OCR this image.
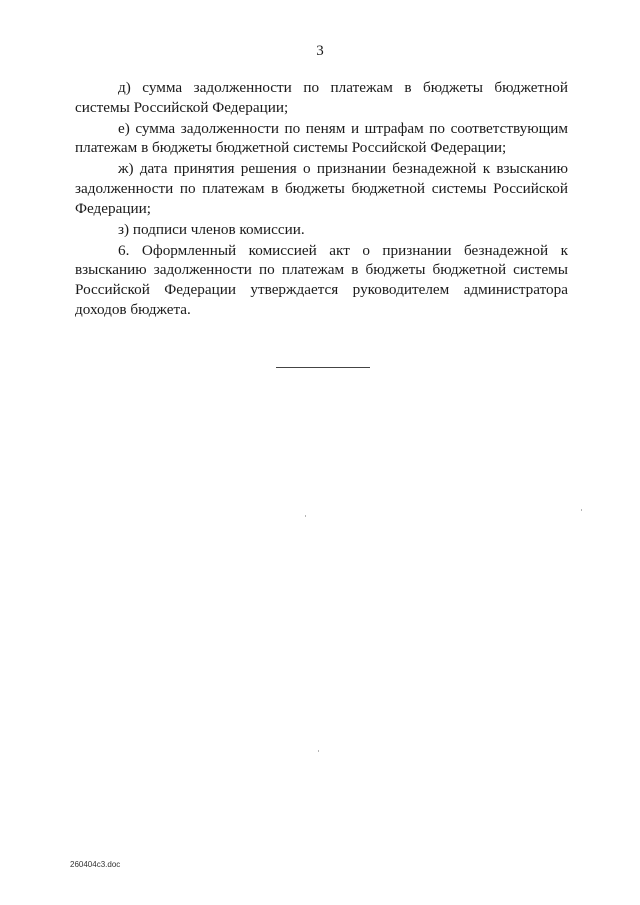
3

д) сумма задолженности по платежам в бюджеты бюджетной системы Российской Федерации;

е) сумма задолженности по пеням и штрафам по соответствующим платежам в бюджеты бюджетной системы Российской Федерации;

ж) дата принятия решения о признании безнадежной к взысканию задолженности по платежам в бюджеты бюджетной системы Российской Федерации;

з) подписи членов комиссии.

6. Оформленный комиссией акт о признании безнадежной к взысканию задолженности по платежам в бюджеты бюджетной системы Российской Федерации утверждается руководителем администратора доходов бюджета.

260404c3.doc
